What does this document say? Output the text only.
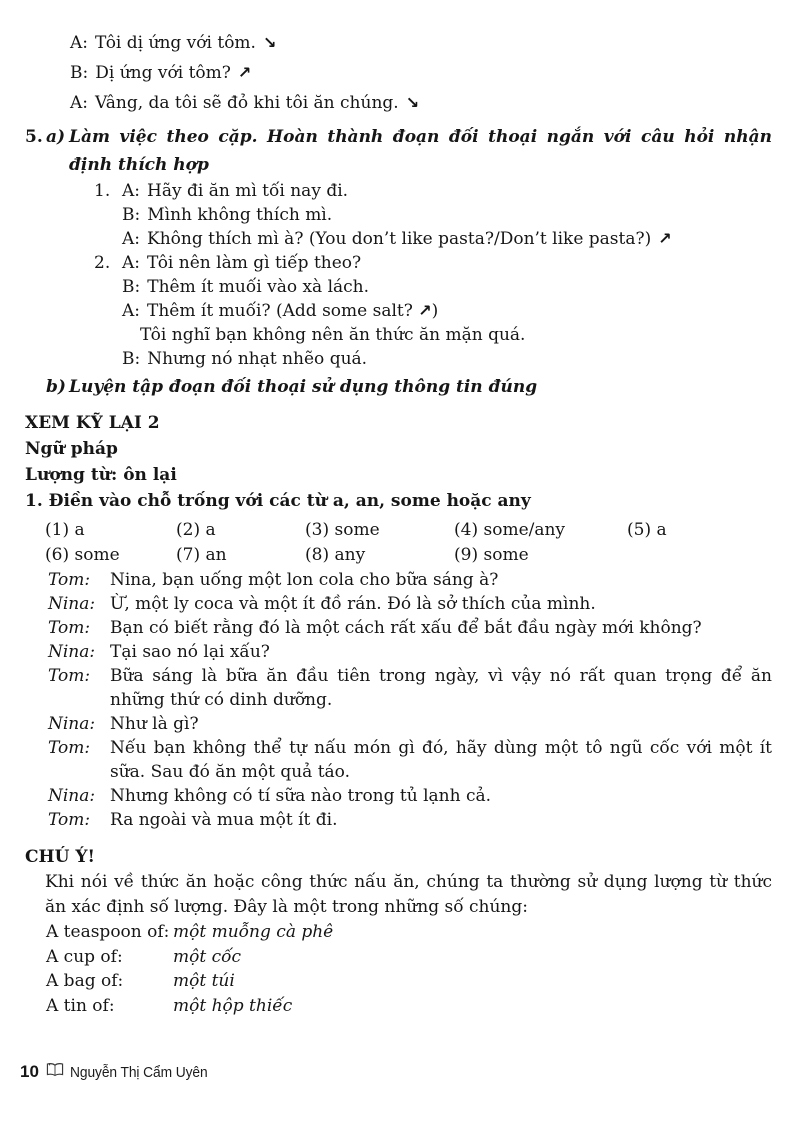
A: Tôi dị ứng với tôm. ↘
B: Dị ứng với tôm? ↗
A: Vâng, da tôi sẽ đỏ khi tôi ăn chúng. ↘
5. a) Làm việc theo cặp. Hoàn thành đoạn đối thoại ngắn với câu hỏi nhận định thích hợp
1. A: Hãy đi ăn mì tối nay đi.
B: Mình không thích mì.
A: Không thích mì à? (You don’t like pasta?/Don’t like pasta?) ↗
2. A: Tôi nên làm gì tiếp theo?
B: Thêm ít muối vào xà lách.
A: Thêm ít muối? (Add some salt? ↗)
Tôi nghĩ bạn không nên ăn thức ăn mặn quá.
B: Nhưng nó nhạt nhẽo quá.
b) Luyện tập đoạn đối thoại sử dụng thông tin đúng
XEM KỸ LẠI 2
Ngữ pháp
Lượng từ: ôn lại
1. Điền vào chỗ trống với các từ a, an, some hoặc any
(1) a	(2) a	(3) some	(4) some/any	(5) a
(6) some	(7) an	(8) any	(9) some
Tom:	Nina, bạn uống một lon cola cho bữa sáng à?
Nina: Ừ, một ly coca và một ít đồ rán. Đó là sở thích của mình.
Tom:	Bạn có biết rằng đó là một cách rất xấu để bắt đầu ngày mới không?
Nina: Tại sao nó lại xấu?
Tom:	Bữa sáng là bữa ăn đầu tiên trong ngày, vì vậy nó rất quan trọng để ăn những thứ có dinh dưỡng.
Nina: Như là gì?
Tom:	Nếu bạn không thể tự nấu món gì đó, hãy dùng một tô ngũ cốc với một ít sữa. Sau đó ăn một quả táo.
Nina: Nhưng không có tí sữa nào trong tủ lạnh cả.
Tom:	Ra ngoài và mua một ít đi.
CHÚ Ý!

Khi nói về thức ăn hoặc công thức nấu ăn, chúng ta thường sử dụng lượng từ thức ăn xác định số lượng. Đây là một trong những số chúng:

A teaspoon of: một muỗng cà phê
A cup of:	một cốc
A bag of:	một túi
A tin of:	một hộp thiếc
10 Nguyễn Thị Cẩm Uyên
